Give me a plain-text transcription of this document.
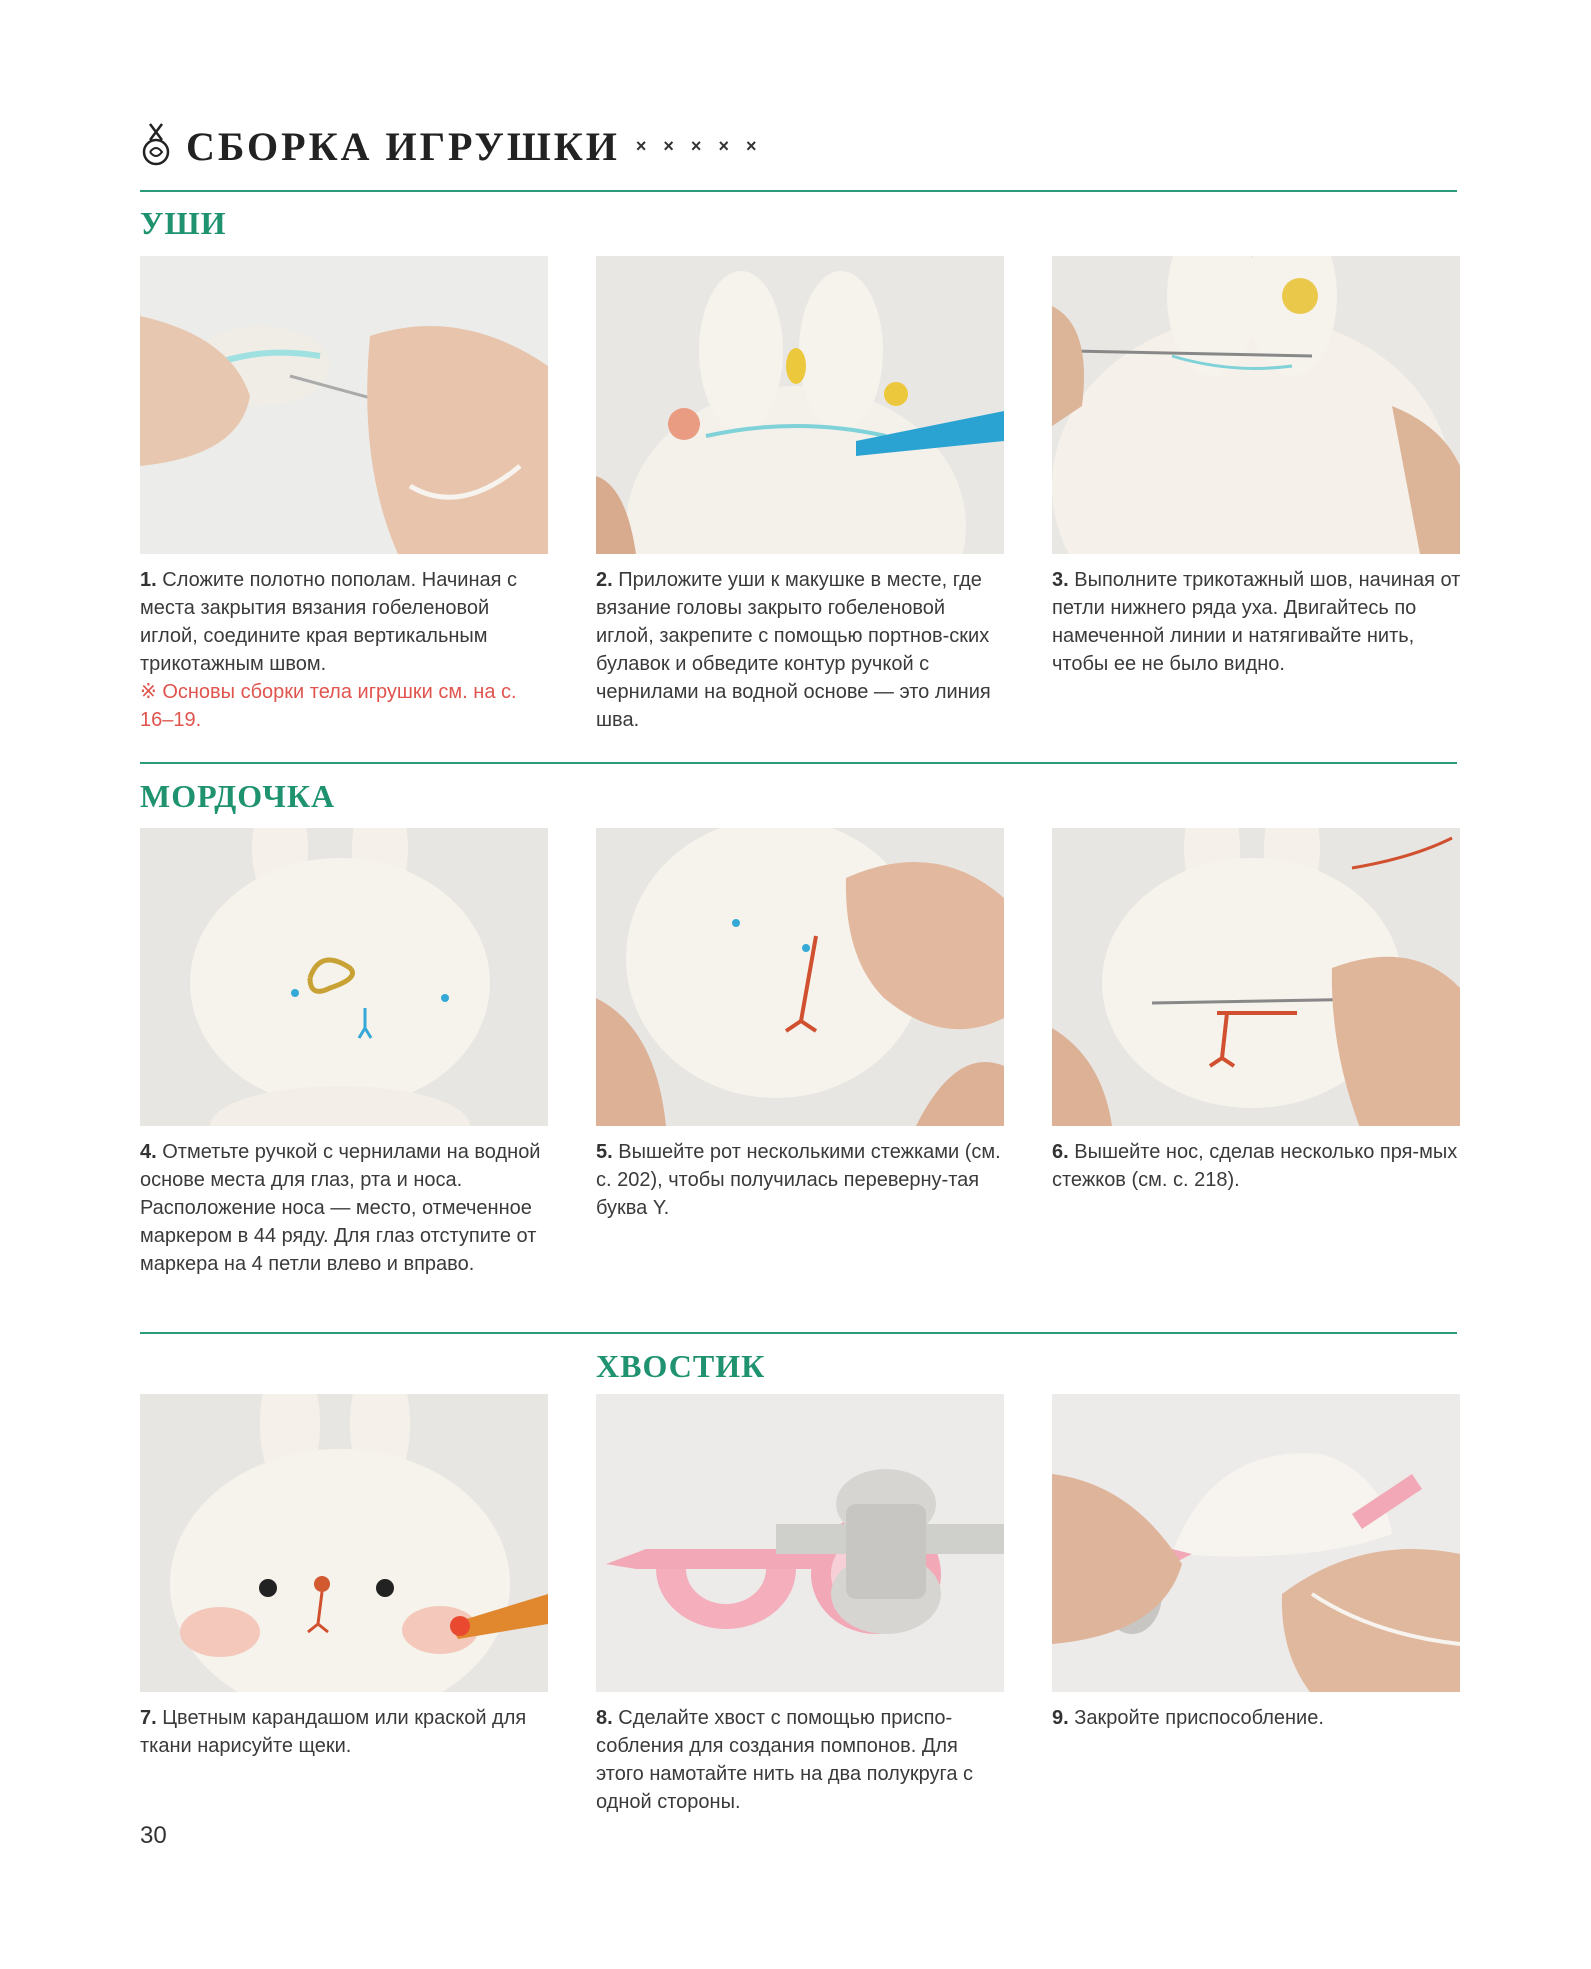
СБОРКА ИГРУШКИ × × × × ×
УШИ
1. Сложите полотно пополам. Начиная с места закрытия вязания гобеленовой иглой, соедините края вертикальным трикотажным швом.
※ Основы сборки тела игрушки см. на с. 16–19.
2. Приложите уши к макушке в месте, где вязание головы закрыто гобеленовой иглой, закрепите с помощью портнов-ских булавок и обведите контур ручкой с чернилами на водной основе — это линия шва.
3. Выполните трикотажный шов, начиная от петли нижнего ряда уха. Двигайтесь по намеченной линии и натягивайте нить, чтобы ее не было видно.
МОРДОЧКА
4. Отметьте ручкой с чернилами на водной основе места для глаз, рта и носа. Расположение носа — место, отмеченное маркером в 44 ряду. Для глаз отступите от маркера на 4 петли влево и вправо.
5. Вышейте рот несколькими стежками (см. с. 202), чтобы получилась переверну-тая буква Y.
6. Вышейте нос, сделав несколько пря-мых стежков (см. с. 218).
ХВОСТИК
7. Цветным карандашом или краской для ткани нарисуйте щеки.
8. Сделайте хвост с помощью приспо-собления для создания помпонов. Для этого намотайте нить на два полукруга с одной стороны.
9. Закройте приспособление.
30
